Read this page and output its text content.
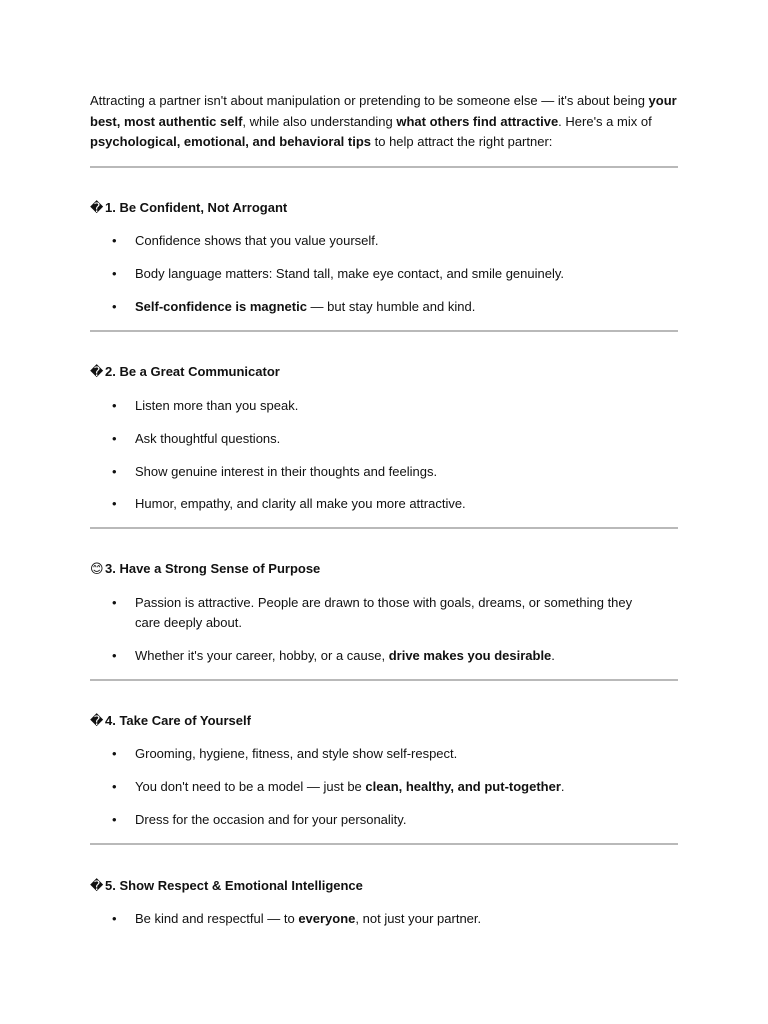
Attracting a partner isn't about manipulation or pretending to be someone else — it's about being your best, most authentic self, while also understanding what others find attractive. Here's a mix of psychological, emotional, and behavioral tips to help attract the right partner:

� 1. Be Confident, Not Arrogant
• Confidence shows that you value yourself.
• Body language matters: Stand tall, make eye contact, and smile genuinely.
• Self-confidence is magnetic — but stay humble and kind.
� 2. Be a Great Communicator
• Listen more than you speak.
• Ask thoughtful questions.
• Show genuine interest in their thoughts and feelings.
• Humor, empathy, and clarity all make you more attractive.
😊3. Have a Strong Sense of Purpose
• Passion is attractive. People are drawn to those with goals, dreams, or something they care deeply about.
• Whether it's your career, hobby, or a cause, drive makes you desirable.
� 4. Take Care of Yourself
• Grooming, hygiene, fitness, and style show self-respect.
• You don't need to be a model — just be clean, healthy, and put-together.
• Dress for the occasion and for your personality.
� 5. Show Respect & Emotional Intelligence
• Be kind and respectful — to everyone, not just your partner.
